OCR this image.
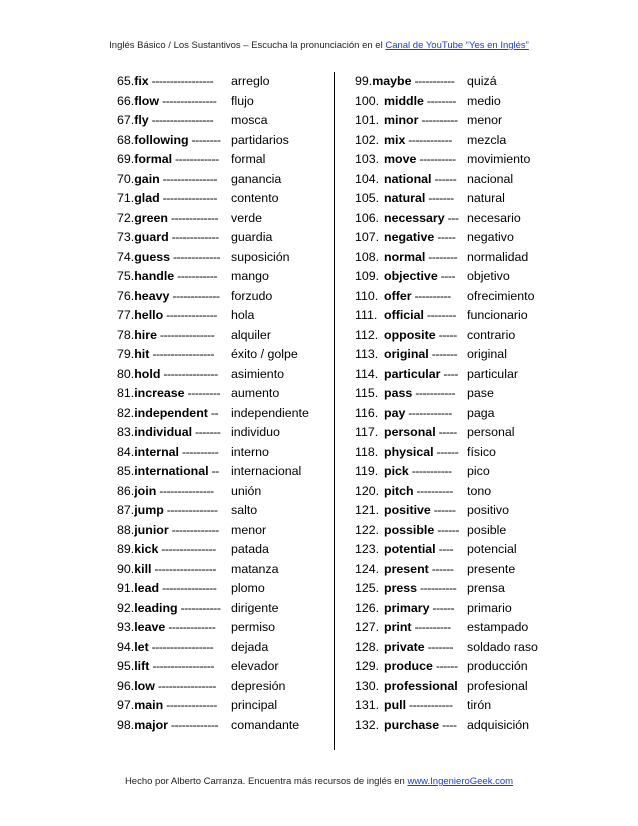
Inglés Básico / Los Sustantivos – Escucha la pronunciación en el Canal de YouTube “Yes en Inglés”
65.fix ----------------- arreglo
66.flow --------------- flujo
67.fly ----------------- mosca
68.following -------- partidarios
69.formal ------------ formal
70.gain --------------- ganancia
71.glad --------------- contento
72.green ------------- verde
73.guard ------------- guardia
74.guess ------------- suposición
75.handle ----------- mango
76.heavy ------------- forzudo
77.hello -------------- hola
78.hire --------------- alquiler
79.hit ----------------- éxito / golpe
80.hold --------------- asimiento
81.increase --------- aumento
82.independent -- independiente
83.individual ------- individuo
84.internal ---------- interno
85.international -- internacional
86.join --------------- unión
87.jump -------------- salto
88.junior ------------- menor
89.kick --------------- patada
90.kill ----------------- matanza
91.lead --------------- plomo
92.leading ----------- dirigente
93.leave ------------- permiso
94.let ----------------- dejada
95.lift ----------------- elevador
96.low ---------------- depresión
97.main -------------- principal
98.major ------------- comandante
99.maybe ----------- quizá
100. middle -------- medio
101. minor ---------- menor
102. mix ------------ mezcla
103. move ---------- movimiento
104. national ------ nacional
105. natural ------- natural
106. necessary --- necesario
107. negative ----- negativo
108. normal -------- normalidad
109. objective ---- objetivo
110. offer ---------- ofrecimiento
111. official -------- funcionario
112. opposite ----- contrario
113. original ------- original
114. particular ---- particular
115. pass ----------- pase
116. pay ------------ paga
117. personal ----- personal
118. physical ------ físico
119. pick ----------- pico
120. pitch ---------- tono
121. positive ------ positivo
122. possible ------ posible
123. potential ---- potencial
124. present ------ presente
125. press ---------- prensa
126. primary ------ primario
127. print ---------- estampado
128. private ------- soldado raso
129. produce ------ producción
130. professional profesional
131. pull ------------ tirón
132. purchase ---- adquisición
Hecho por Alberto Carranza. Encuentra más recursos de inglés en www.IngenieroGeek.com
